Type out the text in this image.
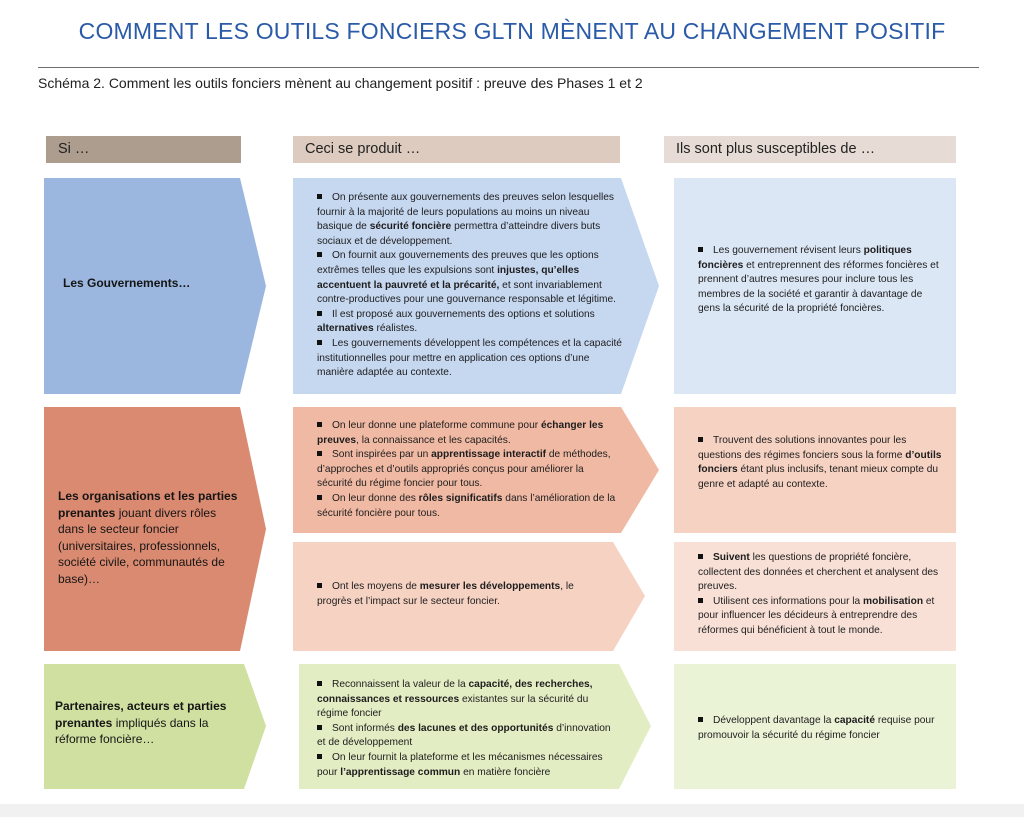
COMMENT LES OUTILS FONCIERS GLTN MÈNENT AU CHANGEMENT POSITIF
Schéma 2. Comment les outils fonciers mènent au changement positif : preuve des Phases 1 et 2
Si …	Ceci se produit …	Ils sont plus susceptibles de …
Les Gouvernements…
On présente aux gouvernements des preuves selon lesquelles fournir à la majorité de leurs populations au moins un niveau basique de sécurité foncière permettra d’atteindre divers buts sociaux et de développement.
On fournit aux gouvernements des preuves que les options extrêmes telles que les expulsions sont injustes, qu’elles accentuent la pauvreté et la précarité, et sont invariablement contre-productives pour une gouvernance responsable et légitime.
Il est proposé aux gouvernements des options et solutions alternatives réalistes.
Les gouvernements développent les compétences et la capacité institutionnelles pour mettre en application ces options d’une manière adaptée au contexte.
Les gouvernement révisent leurs politiques foncières et entreprennent des réformes foncières et prennent d’autres mesures pour inclure tous les membres de la société et garantir à davantage de gens la sécurité de la propriété foncières.
Les organisations et les parties prenantes jouant divers rôles dans le secteur foncier (universitaires, professionnels, société civile, communautés de base)…
On leur donne une plateforme commune pour échanger les preuves, la connaissance et les capacités.
Sont inspirées par un apprentissage interactif de méthodes, d’approches et d’outils appropriés conçus pour améliorer la sécurité du régime foncier pour tous.
On leur donne des rôles significatifs dans l’amélioration de la sécurité foncière pour tous.
Ont les moyens de mesurer les développements, le progrès et l’impact sur le secteur foncier.
Trouvent des solutions innovantes pour les questions des régimes fonciers sous la forme d’outils fonciers étant plus inclusifs, tenant mieux compte du genre et adapté au contexte.
Suivent les questions de propriété foncière, collectent des données et cherchent et analysent des preuves.
Utilisent ces informations pour la mobilisation et pour influencer les décideurs à entreprendre des réformes qui bénéficient à tout le monde.
Partenaires, acteurs et parties prenantes impliqués dans la réforme foncière…
Reconnaissent la valeur de la capacité, des recherches, connaissances et ressources existantes sur la sécurité du régime foncier
Sont informés des lacunes et des opportunités d’innovation et de développement
On leur fournit la plateforme et les mécanismes nécessaires pour l’apprentissage commun en matière foncière
Développent davantage la capacité requise pour promouvoir la sécurité du régime foncier
